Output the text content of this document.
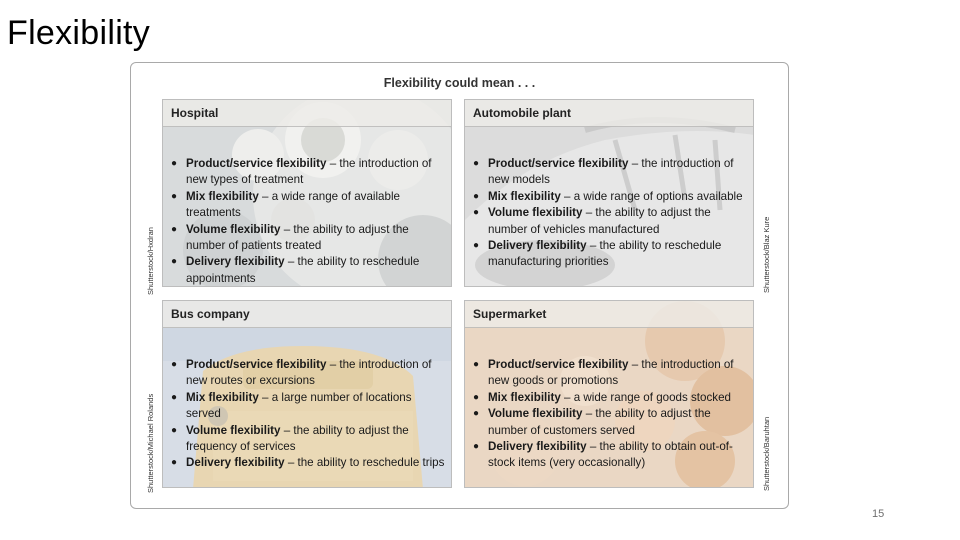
Flexibility
Flexibility could mean . . .
Hospital
● Product/service flexibility – the introduction of new types of treatment
● Mix flexibility – a wide range of available treatments
● Volume flexibility – the ability to adjust the number of patients treated
● Delivery flexibility – the ability to reschedule appointments
Automobile plant
● Product/service flexibility – the introduction of new models
● Mix flexibility – a wide range of options available
● Volume flexibility – the ability to adjust the number of vehicles manufactured
● Delivery flexibility – the ability to reschedule manufacturing priorities
Bus company
● Product/service flexibility – the introduction of new routes or excursions
● Mix flexibility – a large number of locations served
● Volume flexibility – the ability to adjust the frequency of services
● Delivery flexibility – the ability to reschedule trips
Supermarket
● Product/service flexibility – the introduction of new goods or promotions
● Mix flexibility – a wide range of goods stocked
● Volume flexibility – the ability to adjust the number of customers served
● Delivery flexibility – the ability to obtain out-of-stock items (very occasionally)
Shutterstock/Hxdran	Shutterstock/Blaz Kure
Shutterstock/Michael Rolands	Shutterstock/Baruhtan
15
